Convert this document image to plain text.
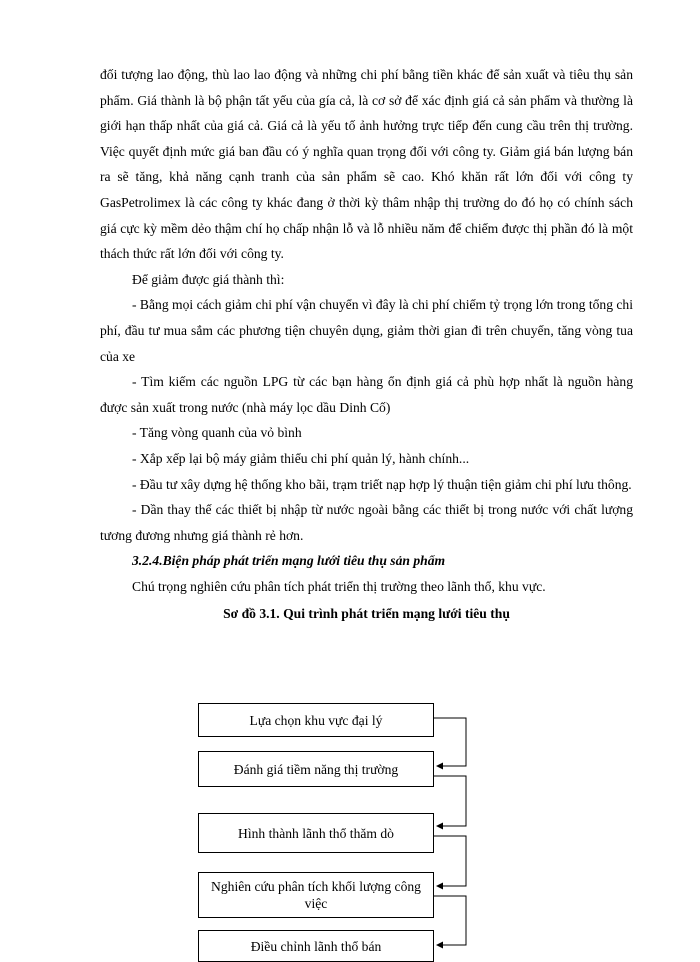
đối tượng lao động, thù lao lao động và những chi phí bằng tiền khác để sản xuất và tiêu thụ sản phẩm. Giá thành là bộ phận tất yếu của gía cả, là cơ sở để xác định giá cả sản phẩm và thường là giới hạn thấp nhất của giá cả. Giá cả là yếu tố ảnh hưởng trực tiếp đến cung cầu trên thị trường. Việc quyết định mức giá ban đầu có ý nghĩa quan trọng đối với công ty. Giảm giá bán lượng bán ra sẽ tăng, khả năng cạnh tranh của sản phẩm sẽ cao. Khó khăn rất lớn đối với công ty GasPetrolimex là các công ty khác đang ở thời kỳ thâm nhập thị trường do đó họ có chính sách giá cực kỳ mềm dẻo thậm chí họ chấp nhận lỗ và lỗ nhiều năm để chiếm được thị phần đó là một thách thức rất lớn đối với công ty.

Để giảm được giá thành thì:

- Bằng mọi cách giảm chi phí vận chuyển vì đây là chi phí chiếm tỷ trọng lớn trong tổng chi phí, đầu tư mua sắm các phương tiện chuyên dụng, giảm thời gian đi trên chuyến, tăng vòng tua của xe

- Tìm kiếm các nguồn LPG từ các bạn hàng ổn định giá cả phù hợp nhất là nguồn hàng được sản xuất trong nước (nhà máy lọc dầu Dinh Cố)

- Tăng vòng quanh của vỏ bình

- Xắp xếp lại bộ máy giảm thiểu chi phí quản lý, hành chính...

- Đầu tư xây dựng hệ thống kho bãi, trạm triết nạp hợp lý thuận tiện giảm chi phí lưu thông.

- Dần thay thế các thiết bị nhập từ nước ngoài bằng các thiết bị trong nước với chất lượng tương đương nhưng giá thành rẻ hơn.

3.2.4.Biện pháp phát triển mạng lưới tiêu thụ sản phẩm

Chú trọng nghiên cứu phân tích phát triển thị trường theo lãnh thổ, khu vực.

Sơ đồ 3.1. Qui trình phát triển mạng lưới tiêu thụ

Lựa chọn khu vực đại lý
Đánh giá tiềm năng thị trường
Hình thành lãnh thổ thăm dò
Nghiên cứu phân tích khối lượng công việc
Điều chỉnh lãnh thổ bán
